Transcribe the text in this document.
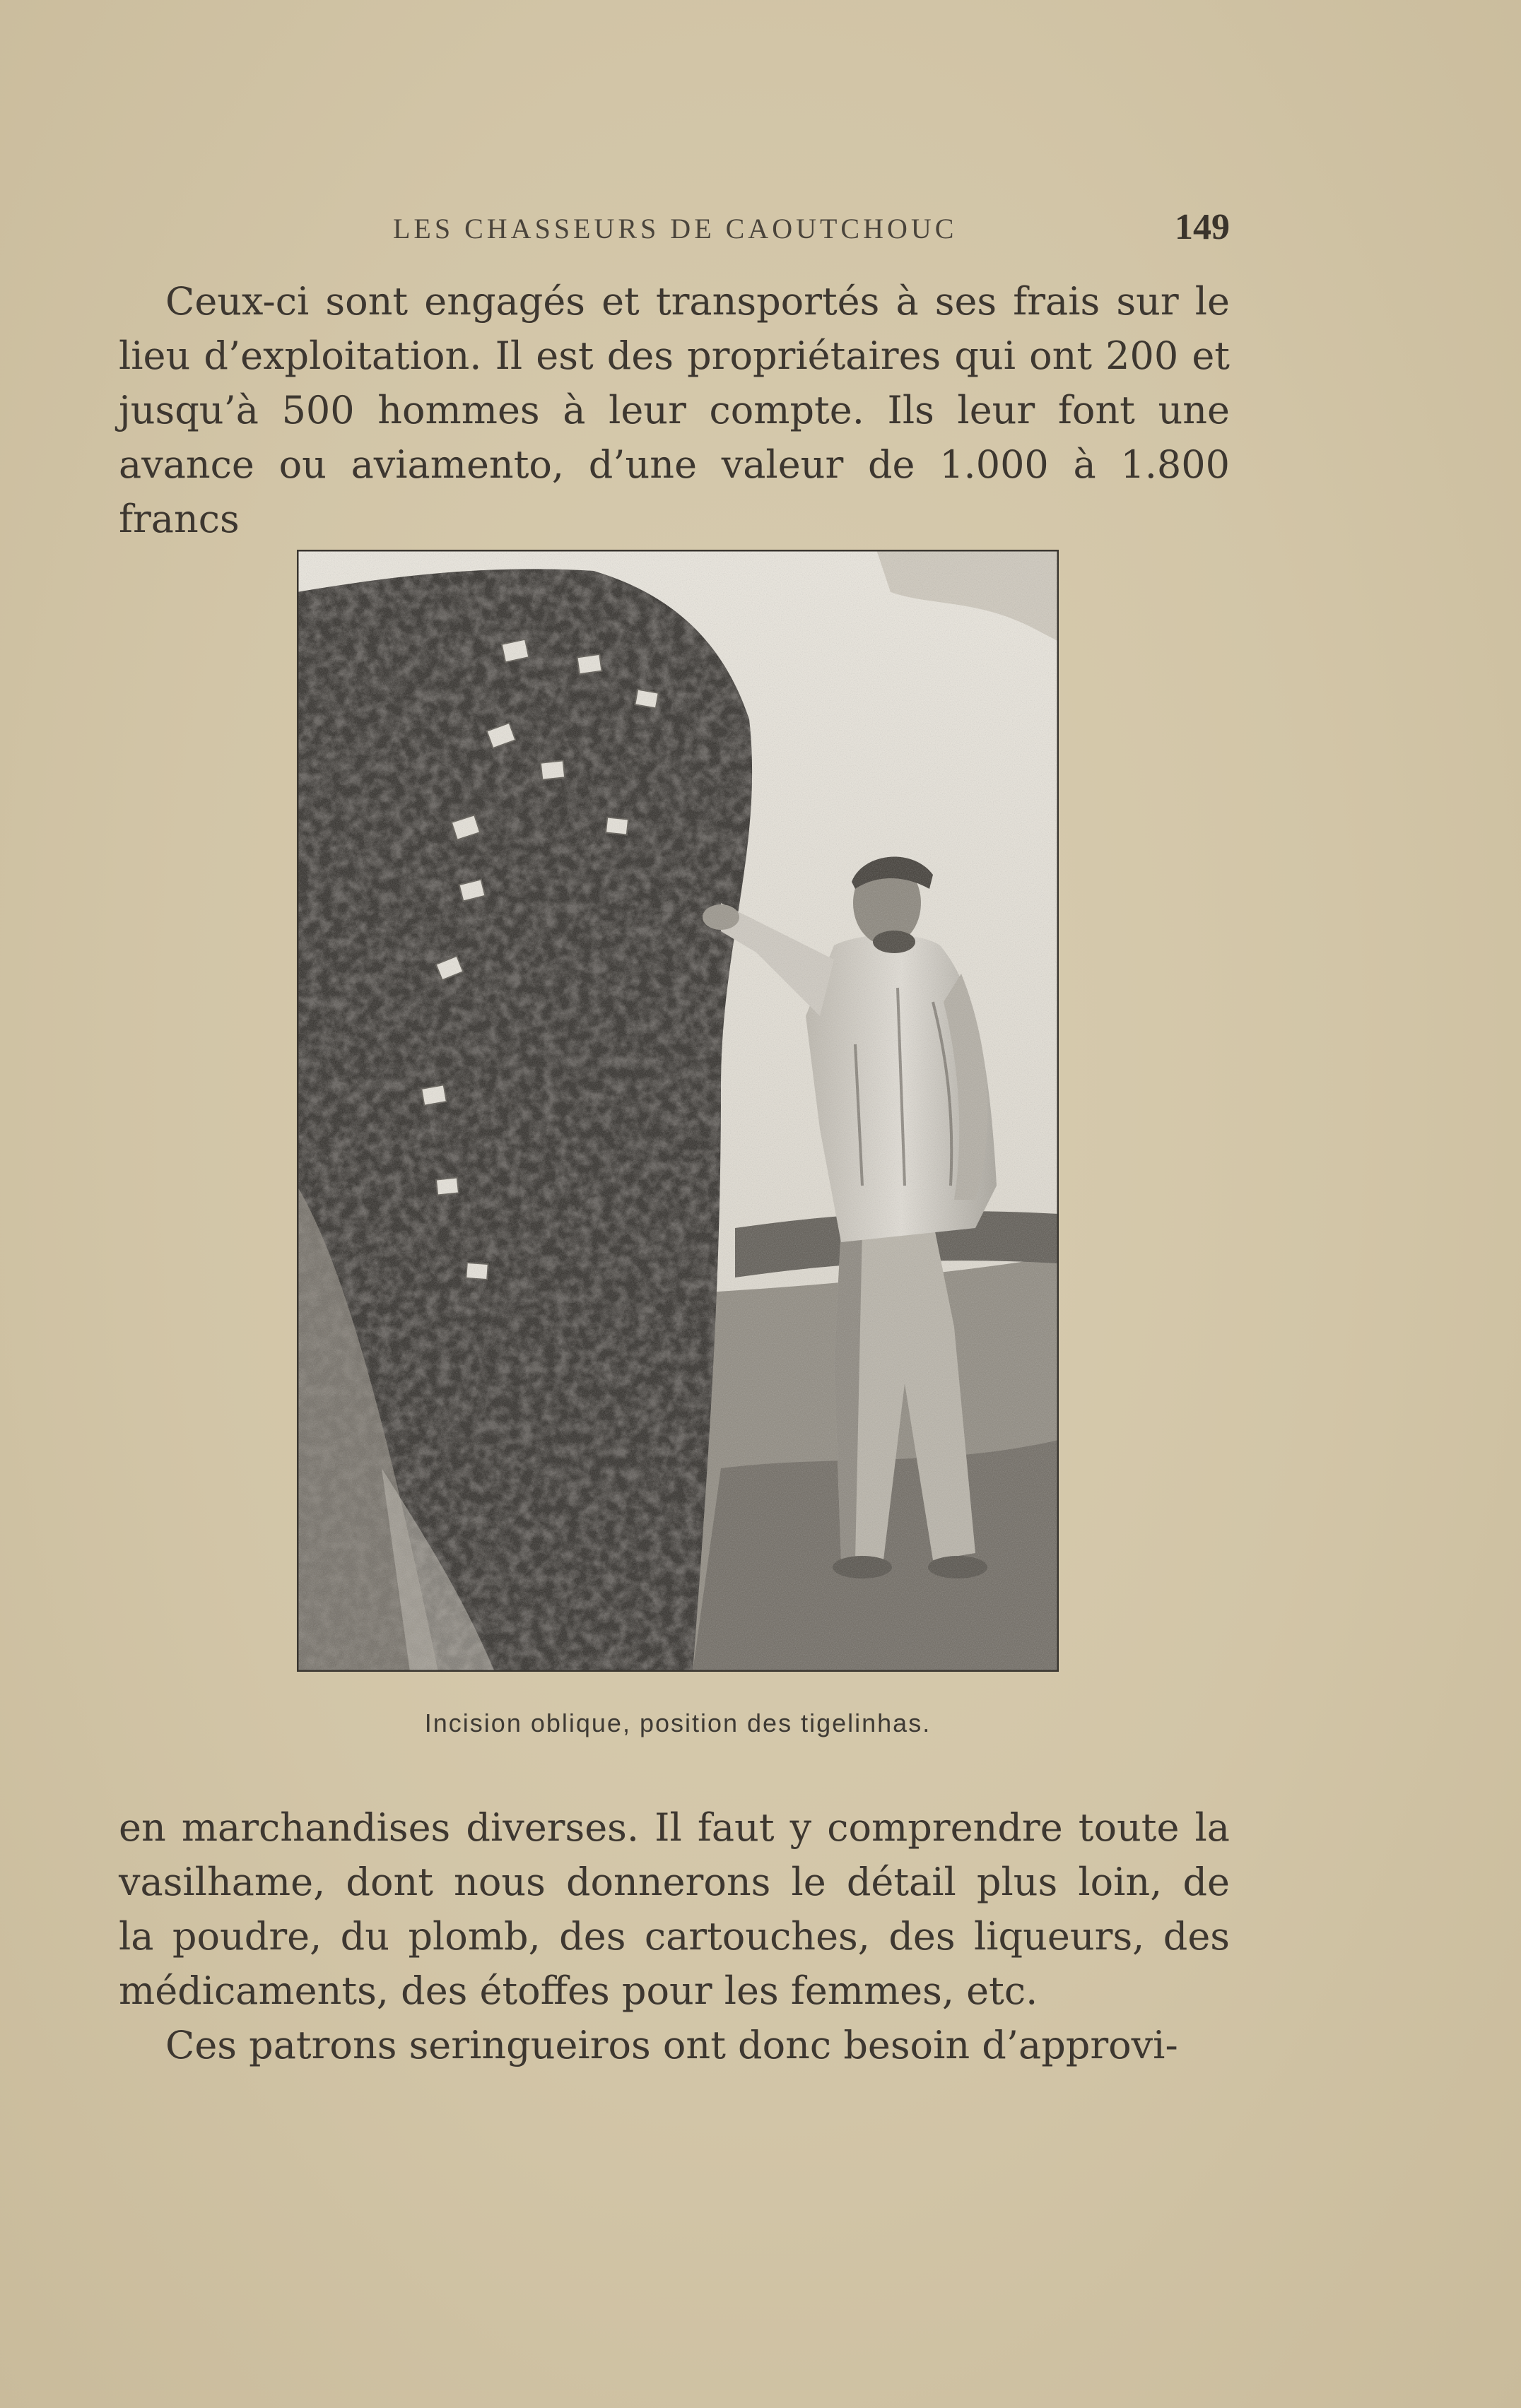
LES CHASSEURS DE CAOUTCHOUC	149

Ceux-ci sont engagés et transportés à ses frais sur le

lieu d’exploitation. Il est des propriétaires qui ont 200 et

jusqu’à 500 hommes à leur compte. Ils leur font une

avance ou aviamento, d’une valeur de 1.000 à 1.800 francs

Incision oblique, position des tigelinhas.

en marchandises diverses. Il faut y comprendre toute la

vasilhame, dont nous donnerons le détail plus loin, de

la poudre, du plomb, des cartouches, des liqueurs, des

médicaments, des étoffes pour les femmes, etc.

Ces patrons seringueiros ont donc besoin d’approvi-
